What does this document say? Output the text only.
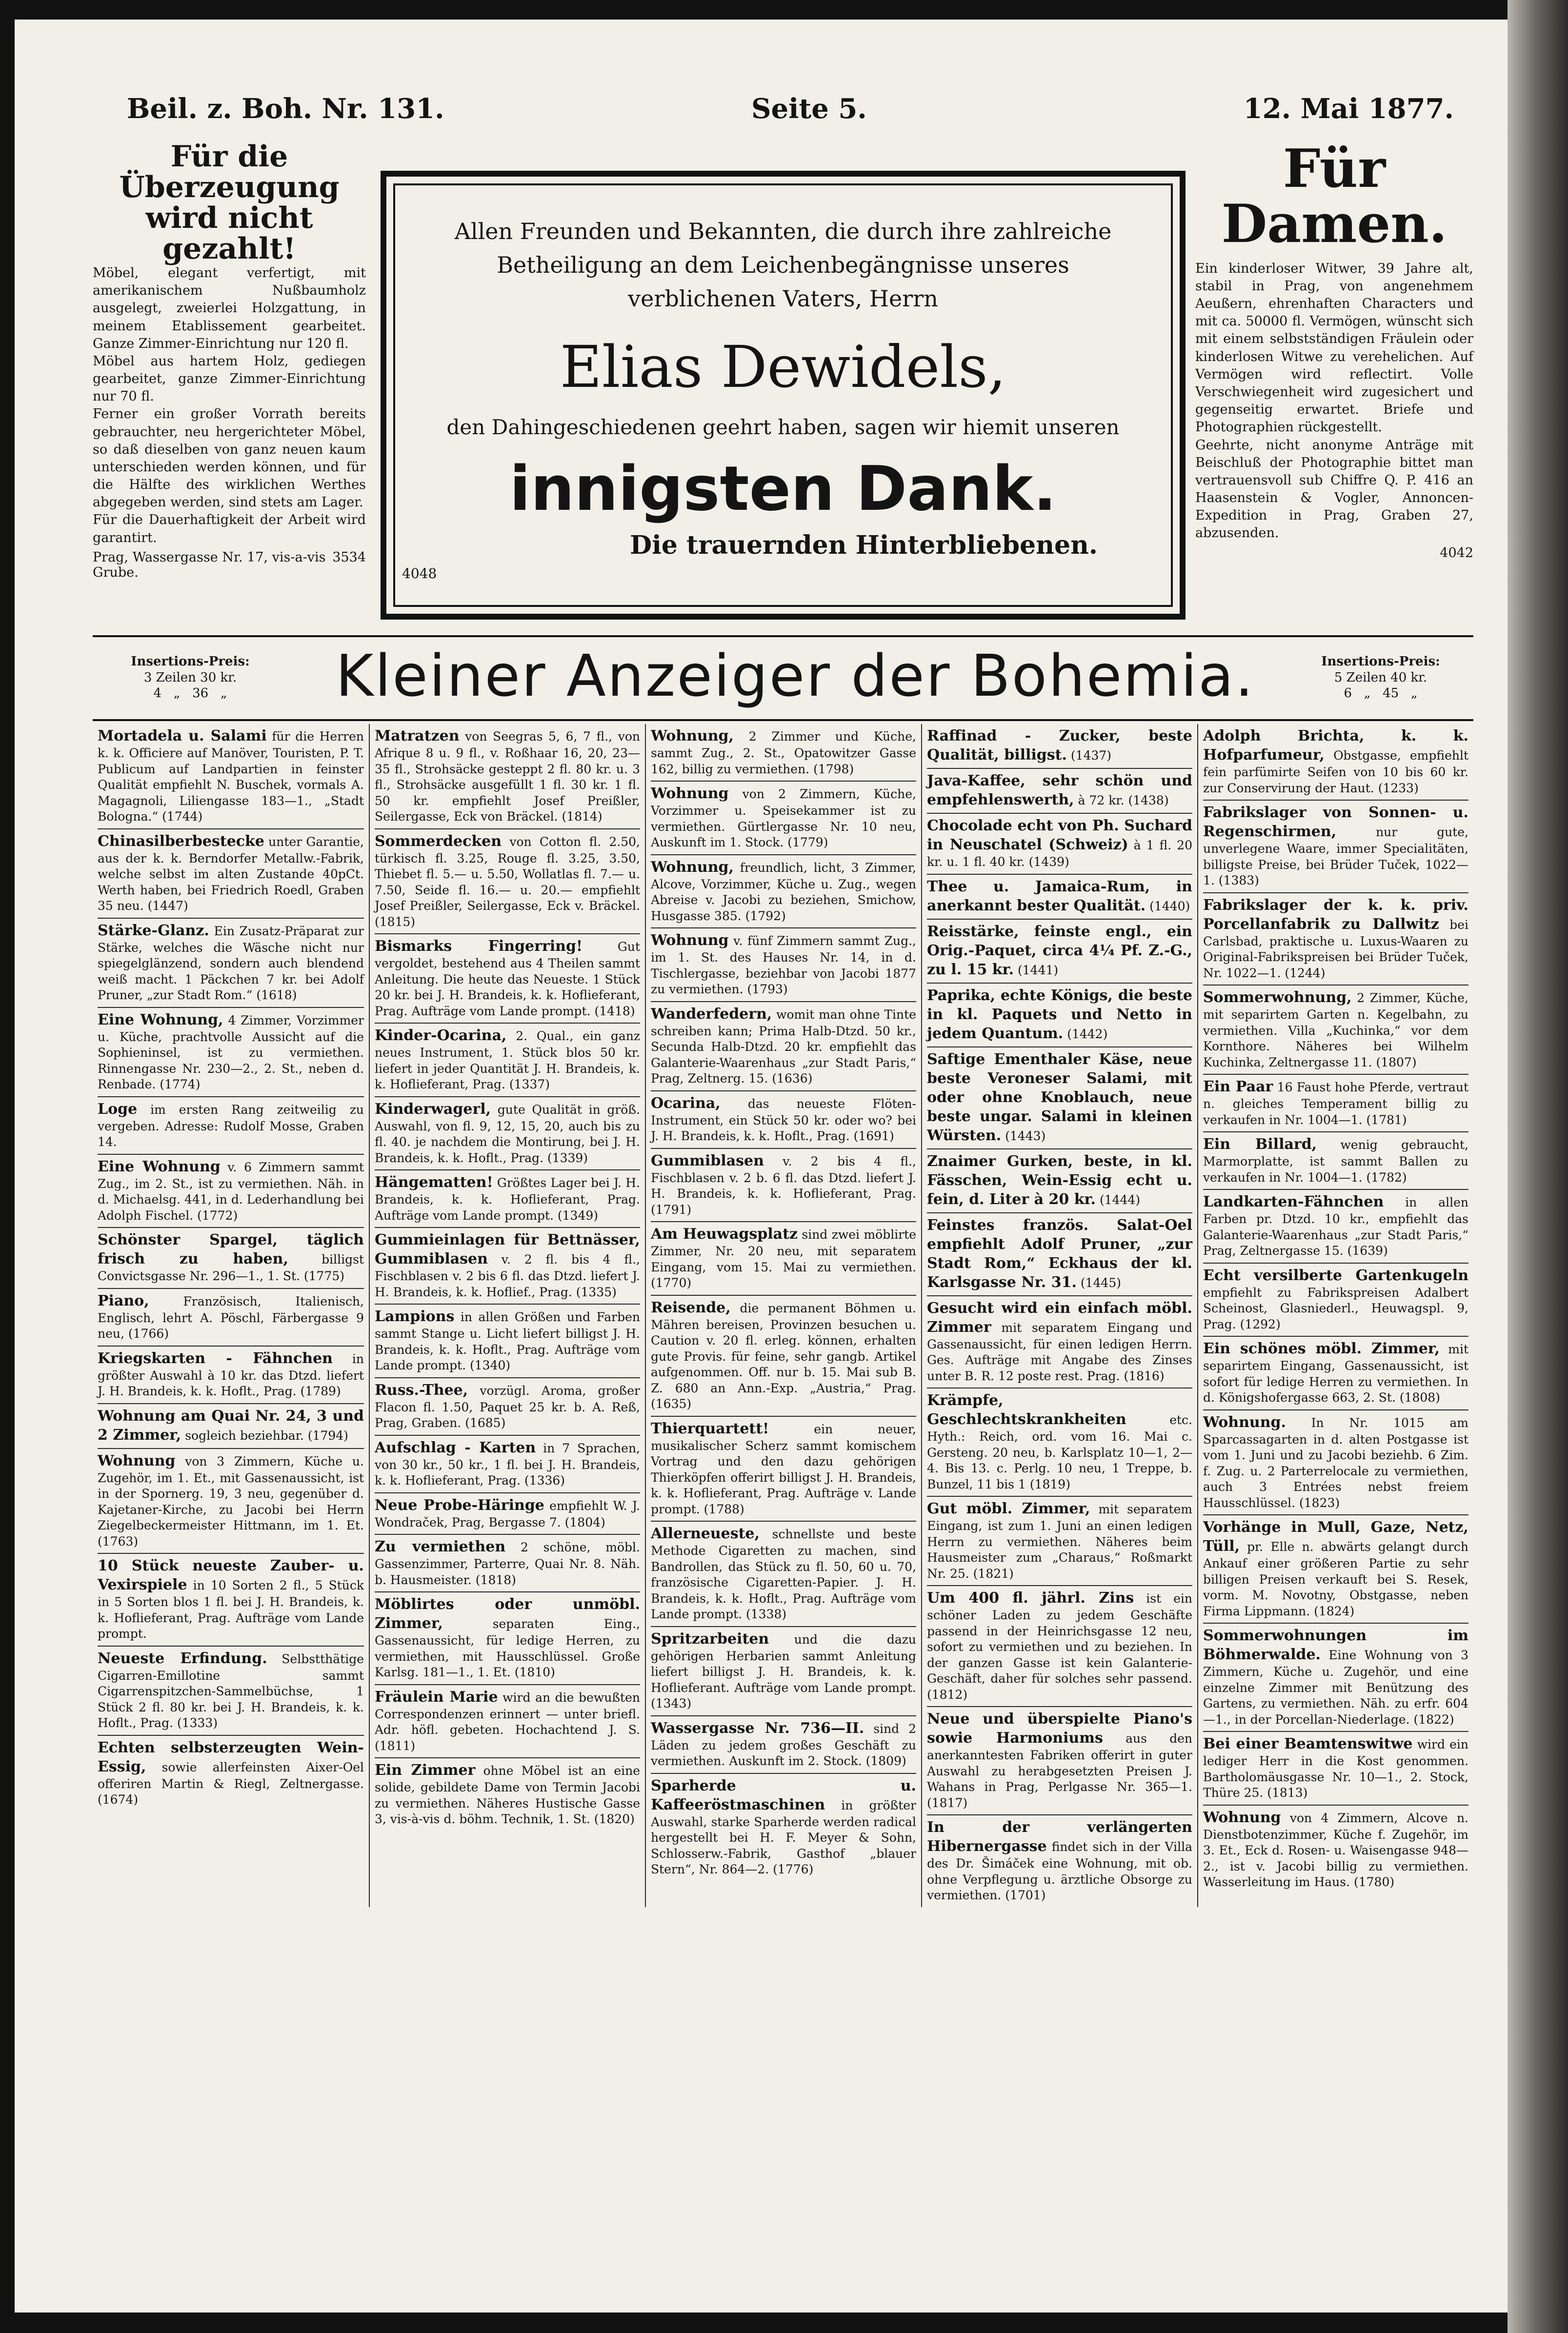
Beil. z. Boh. Nr. 131.	Seite 5.	12. Mai 1877.
Für die Überzeugung wird nicht gezahlt!

Möbel, elegant verfertigt, mit amerikanischem Nußbaumholz ausgelegt, zweierlei Holzgattung, in meinem Etablissement gearbeitet. Ganze Zimmer-Einrichtung nur 120 fl.
Möbel aus hartem Holz, gediegen gearbeitet, ganze Zimmer-Einrichtung nur 70 fl.
Ferner ein großer Vorrath bereits gebrauchter, neu hergerichteter Möbel, so daß dieselben von ganz neuen kaum unterschieden werden können, und für die Hälfte des wirklichen Werthes abgegeben werden, sind stets am Lager.
Für die Dauerhaftigkeit der Arbeit wird garantirt.

Prag, Wassergasse Nr. 17, vis-a-vis Grube.
3534

Allen Freunden und Bekannten, die durch ihre zahlreiche Betheiligung an dem Leichenbegängnisse unseres verblichenen Vaters, Herrn

Elias Dewidels,

den Dahingeschiedenen geehrt haben, sagen wir hiemit unseren

innigsten Dank.

Die trauernden Hinterbliebenen.

4048
Für Damen.

Ein kinderloser Witwer, 39 Jahre alt, stabil in Prag, von angenehmem Aeußern, ehrenhaften Characters und mit ca. 50000 fl. Vermögen, wünscht sich mit einem selbstständigen Fräulein oder kinderlosen Witwe zu verehelichen. Auf Vermögen wird reflectirt. Volle Verschwiegenheit wird zugesichert und gegenseitig erwartet. Briefe und Photographien rückgestellt.
Geehrte, nicht anonyme Anträge mit Beischluß der Photographie bittet man vertrauensvoll sub Chiffre Q. P. 416 an Haasenstein & Vogler, Annoncen-Expedition in Prag, Graben 27, abzusenden.

4042
Insertions-Preis:
3 Zeilen 30 kr.
4   „   36   „	Kleiner Anzeiger der Bohemia.	Insertions-Preis:
5 Zeilen 40 kr.
6   „   45   „

Mortadela u. Salami für die Herren k. k. Officiere auf Manöver, Touristen, P. T. Publicum auf Landpartien in feinster Qualität empfiehlt N. Buschek, vormals A. Magagnoli, Liliengasse 183—1., „Stadt Bologna.“ (1744)

Chinasilberbestecke unter Garantie, aus der k. k. Berndorfer Metallw.-Fabrik, welche selbst im alten Zustande 40pCt. Werth haben, bei Friedrich Roedl, Graben 35 neu. (1447)

Stärke-Glanz. Ein Zusatz-Präparat zur Stärke, welches die Wäsche nicht nur spiegelglänzend, sondern auch blendend weiß macht. 1 Päckchen 7 kr. bei Adolf Pruner, „zur Stadt Rom.“ (1618)

Eine Wohnung, 4 Zimmer, Vorzimmer u. Küche, prachtvolle Aussicht auf die Sophieninsel, ist zu vermiethen. Rinnengasse Nr. 230—2., 2. St., neben d. Renbade. (1774)

Loge im ersten Rang zeitweilig zu vergeben. Adresse: Rudolf Mosse, Graben 14.

Eine Wohnung v. 6 Zimmern sammt Zug., im 2. St., ist zu vermiethen. Näh. in d. Michaelsg. 441, in d. Lederhandlung bei Adolph Fischel. (1772)

Schönster Spargel, täglich frisch zu haben,	billigst Convictsgasse Nr. 296—1., 1. St. (1775)

Piano,	Französisch, Italienisch, Englisch, lehrt A. Pöschl, Färbergasse 9 neu, (1766)

Kriegskarten - Fähnchen in größter Auswahl à 10 kr. das Dtzd. liefert J. H. Brandeis, k. k. Hoflt., Prag. (1789)

Wohnung am Quai Nr. 24, 3 und 2 Zimmer, sogleich beziehbar. (1794)

Wohnung von 3 Zimmern, Küche u. Zugehör, im 1. Et., mit Gassenaussicht, ist in der Spornerg. 19, 3 neu, gegenüber d. Kajetaner-Kirche, zu Jacobi bei Herrn Ziegelbeckermeister Hittmann, im 1. Et. (1763)

10 Stück neueste Zauber- u. Vexirspiele in 10 Sorten 2 fl., 5 Stück in 5 Sorten blos 1 fl. bei J. H. Brandeis, k. k. Hoflieferant, Prag. Aufträge vom Lande prompt.

Neueste Erfindung. Selbstthätige Cigarren-Emillotine sammt Cigarrenspitzchen-Sammelbüchse, 1 Stück 2 fl. 80 kr. bei J. H. Brandeis, k. k. Hoflt., Prag. (1333)

Echten selbsterzeugten Wein-Essig, sowie allerfeinsten Aixer-Oel offeriren Martin & Riegl, Zeltnergasse. (1674)

Matratzen von Seegras 5, 6, 7 fl., von Afrique 8 u. 9 fl., v. Roßhaar 16, 20, 23—35 fl., Strohsäcke gesteppt 2 fl. 80 kr. u. 3 fl., Strohsäcke ausgefüllt 1 fl. 30 kr. 1 fl. 50 kr. empfiehlt Josef Preißler, Seilergasse, Eck von Bräckel. (1814)

Sommerdecken von Cotton fl. 2.50, türkisch fl. 3.25, Rouge fl. 3.25, 3.50, Thiebet fl. 5.— u. 5.50, Wollatlas fl. 7.— u. 7.50, Seide fl. 16.— u. 20.— empfiehlt Josef Preißler, Seilergasse, Eck v. Bräckel. (1815)

Bismarks Fingerring!	Gut vergoldet, bestehend aus 4 Theilen sammt Anleitung. Die heute das Neueste. 1 Stück 20 kr. bei J. H. Brandeis, k. k. Hoflieferant, Prag. Aufträge vom Lande prompt. (1418)

Kinder-Ocarina, 2. Qual., ein ganz neues Instrument, 1. Stück blos 50 kr. liefert in jeder Quantität J. H. Brandeis, k. k. Hoflieferant, Prag. (1337)

Kinderwagerl, gute Qualität in größ. Auswahl, von fl. 9, 12, 15, 20, auch bis zu fl. 40. je nachdem die Montirung, bei J. H. Brandeis, k. k. Hoflt., Prag. (1339)

Hängematten! Größtes Lager bei J. H. Brandeis, k. k. Hoflieferant, Prag. Aufträge vom Lande prompt. (1349)

Gummieinlagen für Bettnässer, Gummiblasen v. 2 fl. bis 4 fl., Fischblasen v. 2 bis 6 fl. das Dtzd. liefert J. H. Brandeis, k. k. Hoflief., Prag. (1335)

Lampions in allen Größen und Farben sammt Stange u. Licht liefert billigst J. H. Brandeis, k. k. Hoflt., Prag. Aufträge vom Lande prompt. (1340)

Russ.-Thee, vorzügl. Aroma, großer Flacon fl. 1.50, Paquet 25 kr. b. A. Reß, Prag, Graben. (1685)

Aufschlag - Karten in 7 Sprachen, von 30 kr., 50 kr., 1 fl. bei J. H. Brandeis, k. k. Hoflieferant, Prag. (1336)

Neue Probe-Häringe empfiehlt W. J. Wondraček, Prag, Bergasse 7. (1804)

Zu vermiethen 2 schöne, möbl. Gassenzimmer, Parterre, Quai Nr. 8. Näh. b. Hausmeister. (1818)

Möblirtes oder unmöbl. Zimmer,	separaten Eing., Gassenaussicht, für ledige Herren, zu vermiethen, mit Hausschlüssel. Große Karlsg. 181—1., 1. Et. (1810)

Fräulein Marie wird an die bewußten Correspondenzen erinnert — unter briefl. Adr. höfl. gebeten. Hochachtend J. S. (1811)

Ein Zimmer ohne Möbel ist an eine solide, gebildete Dame von Termin Jacobi zu vermiethen. Näheres Hustische Gasse 3, vis-à-vis d. böhm. Technik, 1. St. (1820)

Wohnung, 2 Zimmer und Küche, sammt Zug., 2. St., Opatowitzer Gasse 162, billig zu vermiethen. (1798)

Wohnung von 2 Zimmern, Küche, Vorzimmer u. Speisekammer ist zu vermiethen. Gürtlergasse Nr. 10 neu, Auskunft im 1. Stock. (1779)

Wohnung, freundlich, licht, 3 Zimmer, Alcove, Vorzimmer, Küche u. Zug., wegen Abreise v. Jacobi zu beziehen, Smichow, Husgasse 385. (1792)

Wohnung v. fünf Zimmern sammt Zug., im 1. St. des Hauses Nr. 14, in d. Tischlergasse, beziehbar von Jacobi 1877 zu vermiethen. (1793)

Wanderfedern, womit man ohne Tinte schreiben kann; Prima Halb-Dtzd. 50 kr., Secunda Halb-Dtzd. 20 kr. empfiehlt das Galanterie-Waarenhaus „zur Stadt Paris,“ Prag, Zeltnerg. 15. (1636)

Ocarina, das neueste Flöten-Instrument, ein Stück 50 kr. oder wo? bei J. H. Brandeis, k. k. Hoflt., Prag. (1691)

Gummiblasen v. 2 bis 4 fl., Fischblasen v. 2 b. 6 fl. das Dtzd. liefert J. H. Brandeis, k. k. Hoflieferant, Prag. (1791)

Am Heuwagsplatz sind zwei möblirte Zimmer, Nr. 20 neu, mit separatem Eingang, vom 15. Mai zu vermiethen. (1770)

Reisende, die permanent Böhmen u. Mähren bereisen, Provinzen besuchen u. Caution v. 20 fl. erleg. können, erhalten gute Provis. für feine, sehr gangb. Artikel aufgenommen. Off. nur b. 15. Mai sub B. Z. 680 an Ann.-Exp. „Austria,“ Prag. (1635)

Thierquartett!	ein neuer, musikalischer Scherz sammt komischem Vortrag und den dazu gehörigen Thierköpfen offerirt billigst J. H. Brandeis, k. k. Hoflieferant, Prag. Aufträge v. Lande prompt. (1788)

Allerneueste, schnellste und beste Methode Cigaretten zu machen, sind Bandrollen, das Stück zu fl. 50, 60 u. 70, französische Cigaretten-Papier. J. H. Brandeis, k. k. Hoflt., Prag. Aufträge vom Lande prompt. (1338)

Spritzarbeiten und die dazu gehörigen Herbarien sammt Anleitung liefert billigst J. H. Brandeis, k. k. Hoflieferant. Aufträge vom Lande prompt. (1343)

Wassergasse Nr. 736—II. sind 2 Läden zu jedem großes Geschäft zu vermiethen. Auskunft im 2. Stock. (1809)

Sparherde u. Kaffeeröstmaschinen in größter Auswahl, starke Sparherde werden radical hergestellt bei H. F. Meyer & Sohn, Schlosserw.-Fabrik, Gasthof „blauer Stern“, Nr. 864—2. (1776)

Raffinad - Zucker, beste Qualität, billigst. (1437)

Java-Kaffee, sehr schön und empfehlenswerth, à 72 kr. (1438)

Chocolade echt von Ph. Suchard in Neuschatel (Schweiz) à 1 fl. 20 kr. u. 1 fl. 40 kr. (1439)

Thee u. Jamaica-Rum, in anerkannt bester Qualität. (1440)

Reisstärke, feinste engl., ein Orig.-Paquet, circa 4¼ Pf. Z.-G., zu l. 15 kr. (1441)

Paprika, echte Königs, die beste in kl. Paquets und Netto in jedem Quantum. (1442)

Saftige Ementhaler Käse, neue beste Veroneser Salami, mit oder ohne Knoblauch, neue beste ungar. Salami in kleinen Würsten. (1443)

Znaimer Gurken, beste, in kl. Fässchen, Wein-Essig echt u. fein, d. Liter à 20 kr. (1444)

Feinstes französ. Salat-Oel empfiehlt Adolf Pruner, „zur Stadt Rom,“ Eckhaus der kl. Karlsgasse Nr. 31. (1445)

Gesucht wird ein einfach möbl. Zimmer mit separatem Eingang und Gassenaussicht, für einen ledigen Herrn. Ges. Aufträge mit Angabe des Zinses unter B. R. 12 poste rest. Prag. (1816)

Krämpfe, Geschlechtskrankheiten	etc. Hyth.: Reich, ord. vom 16. Mai c. Gersteng. 20 neu, b. Karlsplatz 10—1, 2—4. Bis 13. c. Perlg. 10 neu, 1 Treppe, b. Bunzel, 11 bis 1 (1819)

Gut möbl. Zimmer, mit separatem Eingang, ist zum 1. Juni an einen ledigen Herrn zu vermiethen. Näheres beim Hausmeister zum „Charaus,“ Roßmarkt Nr. 25. (1821)

Um 400 fl. jährl. Zins ist ein schöner Laden zu jedem Geschäfte passend in der Heinrichsgasse 12 neu, sofort zu vermiethen und zu beziehen. In der ganzen Gasse ist kein Galanterie-Geschäft, daher für solches sehr passend. (1812)

Neue und überspielte Piano's sowie Harmoniums aus den anerkanntesten Fabriken offerirt in guter Auswahl zu herabgesetzten Preisen J. Wahans in Prag, Perlgasse Nr. 365—1. (1817)

In der verlängerten Hibernergasse findet sich in der Villa des Dr. Šimáček eine Wohnung, mit ob. ohne Verpflegung u. ärztliche Obsorge zu vermiethen. (1701)

Adolph Brichta, k. k. Hofparfumeur, Obstgasse, empfiehlt fein parfümirte Seifen von 10 bis 60 kr. zur Conservirung der Haut. (1233)

Fabrikslager von Sonnen- u. Regenschirmen,	nur gute, unverlegene Waare, immer Specialitäten, billigste Preise, bei Brüder Tuček, 1022—1. (1383)

Fabrikslager der k. k. priv. Porcellanfabrik zu Dallwitz bei Carlsbad, praktische u. Luxus-Waaren zu Original-Fabrikspreisen bei Brüder Tuček, Nr. 1022—1. (1244)

Sommerwohnung, 2 Zimmer, Küche, mit separirtem Garten n. Kegelbahn, zu vermiethen. Villa „Kuchinka,“ vor dem Kornthore. Näheres bei Wilhelm Kuchinka, Zeltnergasse 11. (1807)

Ein Paar 16 Faust hohe Pferde, vertraut n. gleiches Temperament billig zu verkaufen in Nr. 1004—1. (1781)

Ein Billard, wenig gebraucht, Marmorplatte, ist sammt Ballen zu verkaufen in Nr. 1004—1. (1782)

Landkarten-Fähnchen in allen Farben pr. Dtzd. 10 kr., empfiehlt das Galanterie-Waarenhaus „zur Stadt Paris,“ Prag, Zeltnergasse 15. (1639)

Echt versilberte Gartenkugeln empfiehlt zu Fabrikspreisen Adalbert Scheinost, Glasniederl., Heuwagspl. 9, Prag. (1292)

Ein schönes möbl. Zimmer, mit separirtem Eingang, Gassenaussicht, ist sofort für ledige Herren zu vermiethen. In d. Königshofergasse 663, 2. St. (1808)

Wohnung. In Nr. 1015 am Sparcassagarten in d. alten Postgasse ist vom 1. Juni und zu Jacobi beziehb. 6 Zim. f. Zug. u. 2 Parterrelocale zu vermiethen, auch 3 Entrées nebst freiem Hausschlüssel. (1823)

Vorhänge in Mull, Gaze, Netz, Tüll, pr. Elle n. abwärts gelangt durch Ankauf einer größeren Partie zu sehr billigen Preisen verkauft bei S. Resek, vorm. M. Novotny, Obstgasse, neben Firma Lippmann. (1824)

Sommerwohnungen im Böhmerwalde. Eine Wohnung von 3 Zimmern, Küche u. Zugehör, und eine einzelne Zimmer mit Benützung des Gartens, zu vermiethen. Näh. zu erfr. 604—1., in der Porcellan-Niederlage. (1822)

Bei einer Beamtenswitwe wird ein lediger Herr in die Kost genommen. Bartholomäusgasse Nr. 10—1., 2. Stock, Thüre 25. (1813)

Wohnung von 4 Zimmern, Alcove n. Dienstbotenzimmer, Küche f. Zugehör, im 3. Et., Eck d. Rosen- u. Waisengasse 948—2., ist v. Jacobi billig zu vermiethen. Wasserleitung im Haus. (1780)
